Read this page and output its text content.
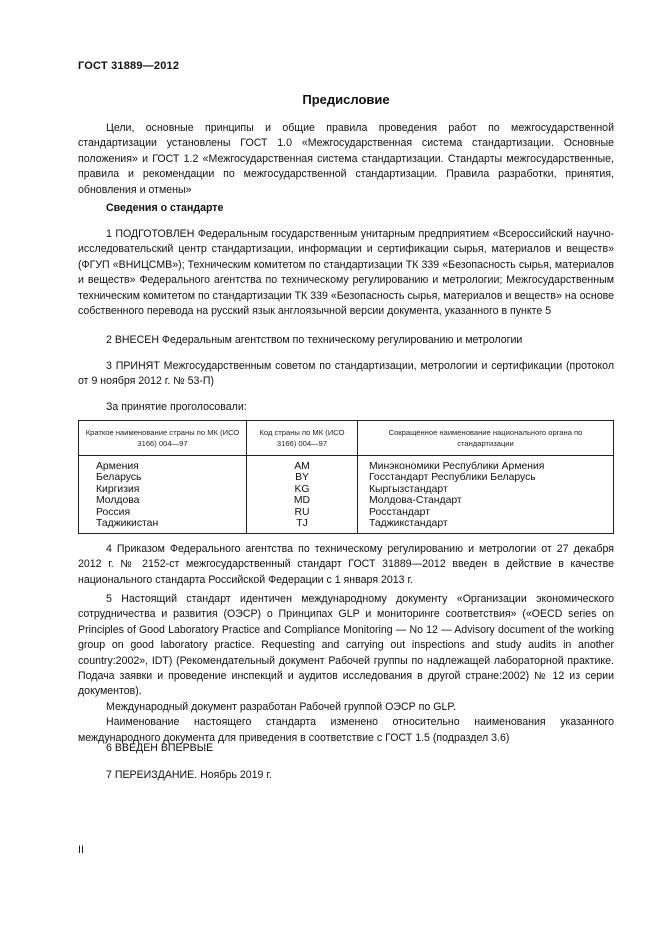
ГОСТ 31889—2012
Предисловие

Цели, основные принципы и общие правила проведения работ по межгосударственной стандартизации установлены ГОСТ 1.0 «Межгосударственная система стандартизации. Основные положения» и ГОСТ 1.2 «Межгосударственная система стандартизации. Стандарты межгосударственные, правила и рекомендации по межгосударственной стандартизации. Правила разработки, принятия, обновления и отмены»

Сведения о стандарте

1 ПОДГОТОВЛЕН Федеральным государственным унитарным предприятием «Всероссийский научно-исследовательский центр стандартизации, информации и сертификации сырья, материалов и веществ» (ФГУП «ВНИЦСМВ»); Техническим комитетом по стандартизации ТК 339 «Безопасность сырья, материалов и веществ» Федерального агентства по техническому регулированию и метрологии; Межгосударственным техническим комитетом по стандартизации ТК 339 «Безопасность сырья, материалов и веществ» на основе собственного перевода на русский язык англоязычной версии документа, указанного в пункте 5

2 ВНЕСЕН Федеральным агентством по техническому регулированию и метрологии

3 ПРИНЯТ Межгосударственным советом по стандартизации, метрологии и сертификации (протокол от 9 ноября 2012 г. № 53-П)

За принятие проголосовали:

Краткое наименование страны по МК (ИСО 3166) 004—97	Код страны по МК (ИСО 3166) 004—97	Сокращенное наименование национального органа по стандартизации
Армения	AM	Минэкономики Республики Армения
Беларусь	BY	Госстандарт Республики Беларусь
Киргизия	KG	Кыргызстандарт
Молдова	MD	Молдова-Стандарт
Россия	RU	Росстандарт
Таджикистан	TJ	Таджикстандарт

4 Приказом Федерального агентства по техническому регулированию и метрологии от 27 декабря 2012 г. № 2152-ст межгосударственный стандарт ГОСТ 31889—2012 введен в действие в качестве национального стандарта Российской Федерации с 1 января 2013 г.

5 Настоящий стандарт идентичен международному документу «Организации экономического сотрудничества и развития (ОЭСР) о Принципах GLP и мониторинге соответствия» («OECD series on Principles of Good Laboratory Practice and Compliance Monitoring — No 12 — Advisory document of the working group on good laboratory practice. Requesting and carrying out inspections and study audits in another country:2002», IDT) (Рекомендательный документ Рабочей группы по надлежащей лабораторной практике. Подача заявки и проведение инспекций и аудитов исследования в другой стране:2002) № 12 из серии документов).

Международный документ разработан Рабочей группой ОЭСР по GLP.

Наименование настоящего стандарта изменено относительно наименования указанного международного документа для приведения в соответствие с ГОСТ 1.5 (подраздел 3.6)

6 ВВЕДЕН ВПЕРВЫЕ

7 ПЕРЕИЗДАНИЕ. Ноябрь 2019 г.

II
